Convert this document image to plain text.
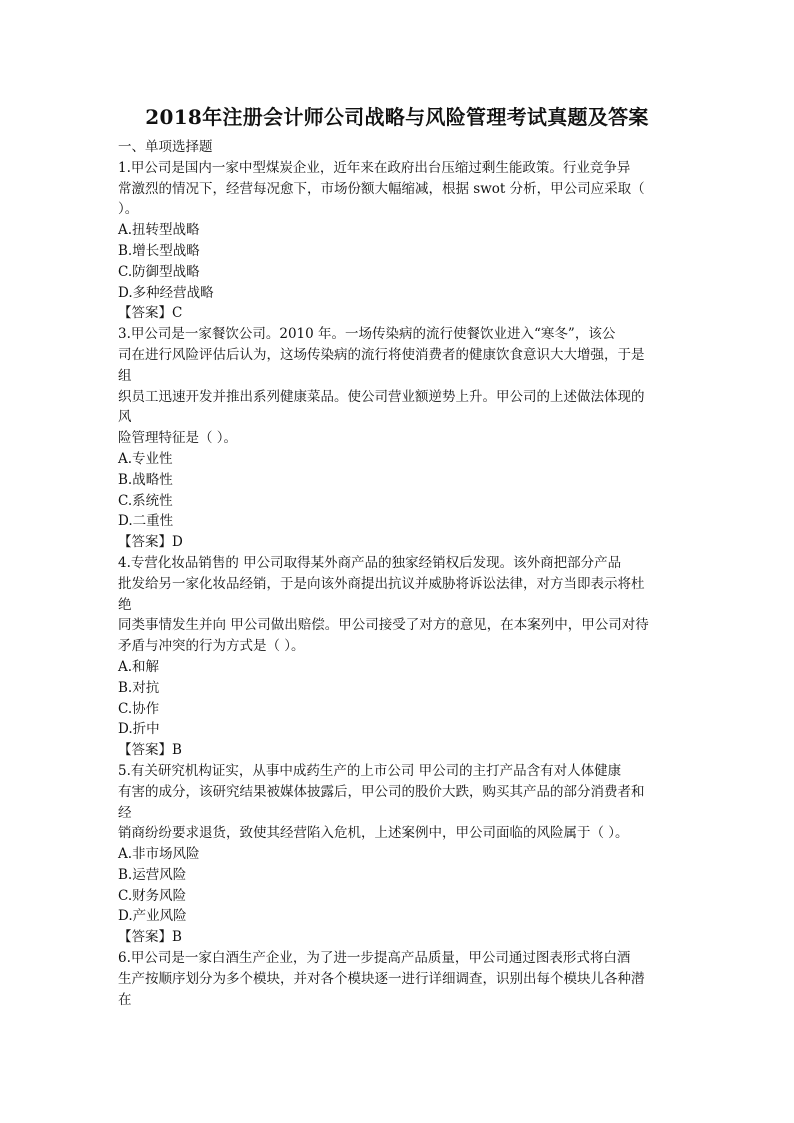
2018年注册会计师公司战略与风险管理考试真题及答案
一、单项选择题
1.甲公司是国内一家中型煤炭企业，近年来在政府出台压缩过剩生能政策。行业竞争异
常激烈的情况下，经营每况愈下，市场份额大幅缩减，根据 swot 分析，甲公司应采取（
）。
A.扭转型战略
B.增长型战略
C.防御型战略
D.多种经营战略
【答案】C
3.甲公司是一家餐饮公司。2010 年。一场传染病的流行使餐饮业进入“寒冬”，该公
司在进行风险评估后认为，这场传染病的流行将使消费者的健康饮食意识大大增强，于是
组
织员工迅速开发并推出系列健康菜品。使公司营业额逆势上升。甲公司的上述做法体现的
风
险管理特征是（ ）。
A.专业性
B.战略性
C.系统性
D.二重性
【答案】D
4.专营化妆品销售的 甲公司取得某外商产品的独家经销权后发现。该外商把部分产品
批发给另一家化妆品经销，于是向该外商提出抗议并威胁将诉讼法律，对方当即表示将杜
绝
同类事情发生并向 甲公司做出赔偿。甲公司接受了对方的意见，在本案列中，甲公司对待
矛盾与冲突的行为方式是（ ）。
A.和解
B.对抗
C.协作
D.折中
【答案】B
5.有关研究机构证实，从事中成药生产的上市公司 甲公司的主打产品含有对人体健康
有害的成分，该研究结果被媒体披露后，甲公司的股价大跌，购买其产品的部分消费者和
经
销商纷纷要求退货，致使其经营陷入危机，上述案例中，甲公司面临的风险属于（ ）。
A.非市场风险
B.运营风险
C.财务风险
D.产业风险
【答案】B
6.甲公司是一家白酒生产企业，为了进一步提高产品质量，甲公司通过图表形式将白酒
生产按顺序划分为多个模块，并对各个模块逐一进行详细调查，识别出每个模块儿各种潜
在
